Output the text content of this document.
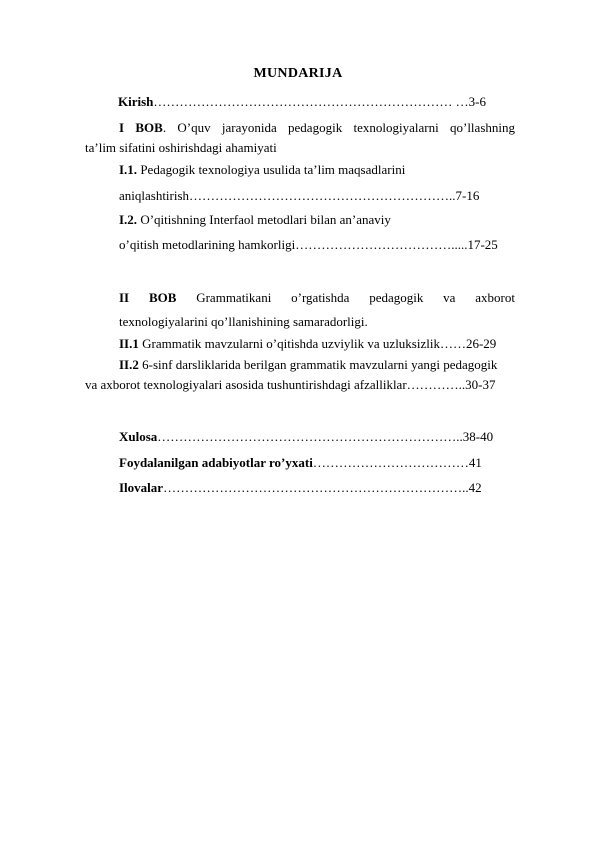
MUNDARIJA
Kirish…………………………………………………………… …3-6
I BOB. O’quv jarayonida pedagogik texnologiyalarni qo’llashning
ta’lim sifatini oshirishdagi ahamiyati
I.1. Pedagogik texnologiya usulida ta’lim maqsadlarini
aniqlashtirish……………………………………………………..7-16
I.2. O’qitishning Interfaol metodlari bilan an’anaviy
o’qitish metodlarining hamkorligi……………………………….....17-25
II BOB Grammatikani o’rgatishda pedagogik va axborot
texnologiyalarini qo’llanishining samaradorligi.
II.1 Grammatik mavzularni o’qitishda uzviylik va uzluksizlik……26-29
II.2 6-sinf darsliklarida berilgan grammatik mavzularni yangi pedagogik
va axborot texnologiyalari asosida tushuntirishdagi afzalliklar…………..30-37
Xulosa……………………………………………………………..38-40
Foydalanilgan adabiyotlar ro’yxati………………………………41
Ilovalar……………………………………………………………..42
